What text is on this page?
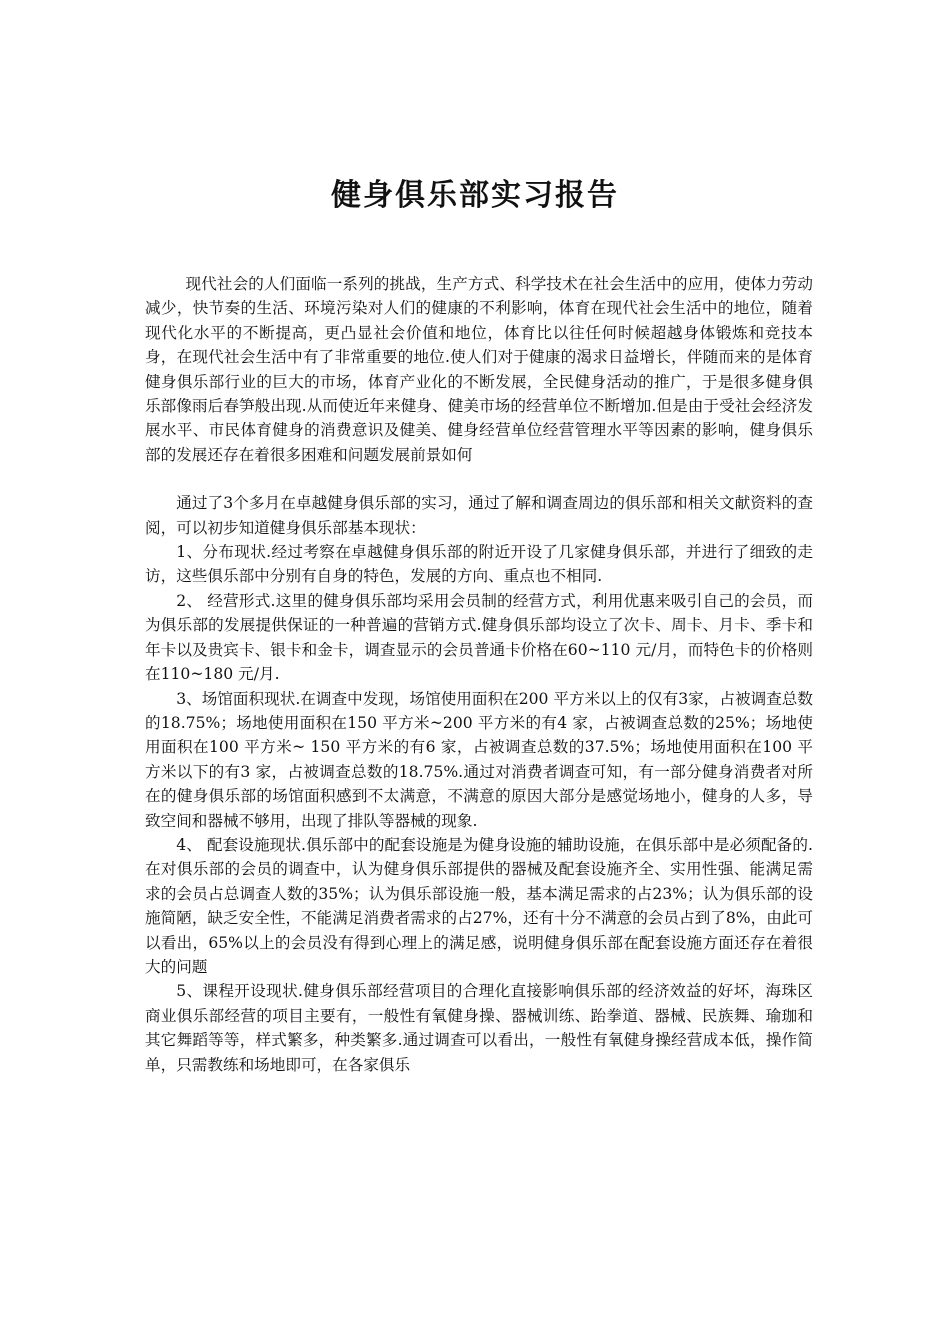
健身俱乐部实习报告

现代社会的人们面临一系列的挑战，生产方式、科学技术在社会生活中的应用，使体力劳动减少，快节奏的生活、环境污染对人们的健康的不利影响，体育在现代社会生活中的地位，随着现代化水平的不断提高，更凸显社会价值和地位，体育比以往任何时候超越身体锻炼和竞技本身，在现代社会生活中有了非常重要的地位.使人们对于健康的渴求日益增长，伴随而来的是体育健身俱乐部行业的巨大的市场，体育产业化的不断发展，全民健身活动的推广，于是很多健身俱乐部像雨后春笋般出现.从而使近年来健身、健美市场的经营单位不断增加.但是由于受社会经济发展水平、市民体育健身的消费意识及健美、健身经营单位经营管理水平等因素的影响，健身俱乐部的发展还存在着很多困难和问题发展前景如何

通过了3个多月在卓越健身俱乐部的实习，通过了解和调查周边的俱乐部和相关文献资料的查阅，可以初步知道健身俱乐部基本现状：

1、分布现状.经过考察在卓越健身俱乐部的附近开设了几家健身俱乐部，并进行了细致的走访，这些俱乐部中分别有自身的特色，发展的方向、重点也不相同.

2、 经营形式.这里的健身俱乐部均采用会员制的经营方式，利用优惠来吸引自己的会员，而为俱乐部的发展提供保证的一种普遍的营销方式.健身俱乐部均设立了次卡、周卡、月卡、季卡和年卡以及贵宾卡、银卡和金卡，调查显示的会员普通卡价格在60~110 元/月，而特色卡的价格则在110~180 元/月.

3、场馆面积现状.在调查中发现，场馆使用面积在200 平方米以上的仅有3家，占被调查总数的18.75%；场地使用面积在150 平方米~200 平方米的有4 家，占被调查总数的25%；场地使用面积在100 平方米~ 150 平方米的有6 家，占被调查总数的37.5%；场地使用面积在100 平方米以下的有3 家，占被调查总数的18.75%.通过对消费者调查可知，有一部分健身消费者对所在的健身俱乐部的场馆面积感到不太满意，不满意的原因大部分是感觉场地小，健身的人多，导致空间和器械不够用，出现了排队等器械的现象.

4、 配套设施现状.俱乐部中的配套设施是为健身设施的辅助设施，在俱乐部中是必须配备的.在对俱乐部的会员的调查中，认为健身俱乐部提供的器械及配套设施齐全、实用性强、能满足需求的会员占总调查人数的35%；认为俱乐部设施一般，基本满足需求的占23%；认为俱乐部的设施简陋，缺乏安全性，不能满足消费者需求的占27%，还有十分不满意的会员占到了8%，由此可以看出，65%以上的会员没有得到心理上的满足感，说明健身俱乐部在配套设施方面还存在着很大的问题

5、课程开设现状.健身俱乐部经营项目的合理化直接影响俱乐部的经济效益的好坏，海珠区商业俱乐部经营的项目主要有，一般性有氧健身操、器械训练、跆拳道、器械、民族舞、瑜珈和其它舞蹈等等，样式繁多，种类繁多.通过调查可以看出，一般性有氧健身操经营成本低，操作简单，只需教练和场地即可，在各家俱乐
